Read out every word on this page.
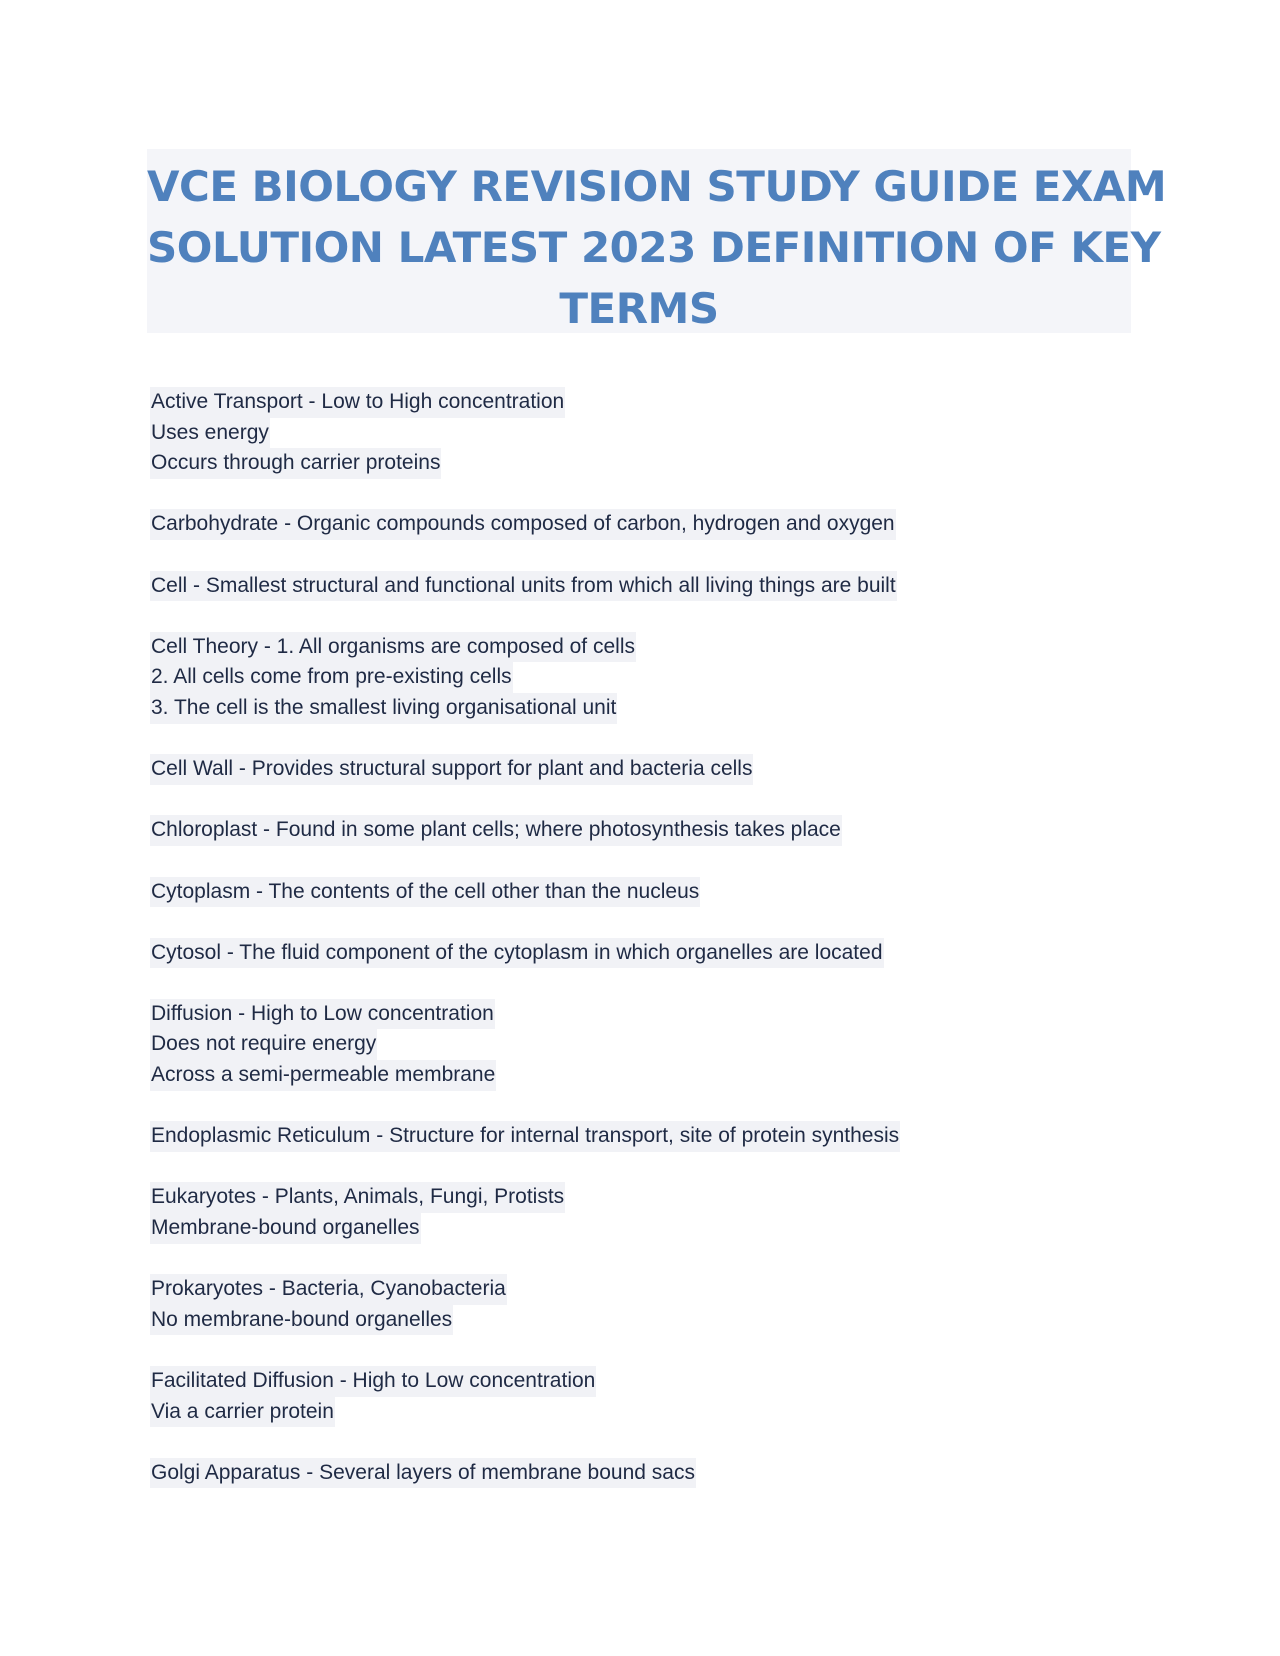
VCE BIOLOGY REVISION STUDY GUIDE EXAM
SOLUTION LATEST 2023 DEFINITION OF KEY
TERMS
Active Transport - Low to High concentration
Uses energy
Occurs through carrier proteins
Carbohydrate - Organic compounds composed of carbon, hydrogen and oxygen
Cell - Smallest structural and functional units from which all living things are built
Cell Theory - 1. All organisms are composed of cells
2. All cells come from pre-existing cells
3. The cell is the smallest living organisational unit
Cell Wall - Provides structural support for plant and bacteria cells
Chloroplast - Found in some plant cells; where photosynthesis takes place
Cytoplasm - The contents of the cell other than the nucleus
Cytosol - The fluid component of the cytoplasm in which organelles are located
Diffusion - High to Low concentration
Does not require energy
Across a semi-permeable membrane
Endoplasmic Reticulum - Structure for internal transport, site of protein synthesis
Eukaryotes - Plants, Animals, Fungi, Protists
Membrane-bound organelles
Prokaryotes - Bacteria, Cyanobacteria
No membrane-bound organelles
Facilitated Diffusion - High to Low concentration
Via a carrier protein
Golgi Apparatus - Several layers of membrane bound sacs
